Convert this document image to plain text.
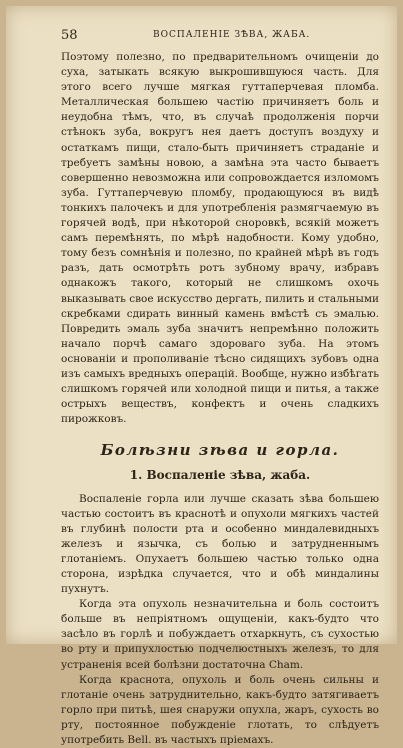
58	ВОСПАЛЕНІЕ ЗѢВА, ЖАБА.

Поэтому полезно, по предварительномъ очищеніи до суха, затыкать всякую выкрошившуюся часть. Для этого всего лучше мягкая гуттаперчевая пломба. Металлическая большею частію причиняетъ боль и неудобна тѣмъ, что, въ случаѣ продолженія порчи стѣнокъ зуба, вокругъ нея даетъ доступъ воздуху и остаткамъ пищи, стало-быть причиняетъ страданіе и требуетъ замѣны новою, а замѣна эта часто бываетъ совершенно невозможна или сопровождается изломомъ зуба. Гуттаперчевую пломбу, продающуюся въ видѣ тонкихъ палочекъ и для употребленія размягчаемую въ горячей водѣ, при нѣкоторой сноровкѣ, всякій можетъ самъ перемѣнять, по мѣрѣ надобности. Кому удобно, тому безъ сомнѣнія и полезно, по крайней мѣрѣ въ годъ разъ, дать осмотрѣть ротъ зубному врачу, избравъ однакожъ такого, который не слишкомъ охочь выказывать свое искусство дергать, пилить и стальными скребками сдирать винный камень вмѣстѣ съ эмалью. Повредить эмаль зуба значитъ непремѣнно положить начало порчѣ самаго здороваго зуба. На этомъ основаніи и прополиваніе тѣсно сидящихъ зубовъ одна изъ самыхъ вредныхъ операцій. Вообще, нужно избѣгать слишкомъ горячей или холодной пищи и питья, а также острыхъ веществъ, конфектъ и очень сладкихъ пирожковъ.

Болѣзни зѣва и горла.
1. Воспаленіе зѣва, жаба.

Воспаленіе горла или лучше сказать зѣва большею частью состоитъ въ краснотѣ и опухоли мягкихъ частей въ глубинѣ полости рта и особенно миндалевидныхъ железъ и язычка, съ болью и затрудненнымъ глотаніемъ. Опухаетъ большею частью только одна сторона, изрѣдка случается, что и обѣ миндалины пухнутъ.

Когда эта опухоль незначительна и боль состоитъ больше въ непріятномъ ощущеніи, какъ-будто что засѣло въ горлѣ и побуждаетъ отхаркнуть, съ сухостью во рту и припухлостью подчелюстныхъ железъ, то для устраненія всей болѣзни достаточна Cham.

Когда краснота, опухоль и боль очень сильны и глотаніе очень затруднительно, какъ-будто затягиваетъ горло при питьѣ, шея снаружи опухла, жаръ, сухость во рту, постоянное побужденіе глотать, то слѣдуетъ употребить Bell. въ частыхъ пріемахъ.
